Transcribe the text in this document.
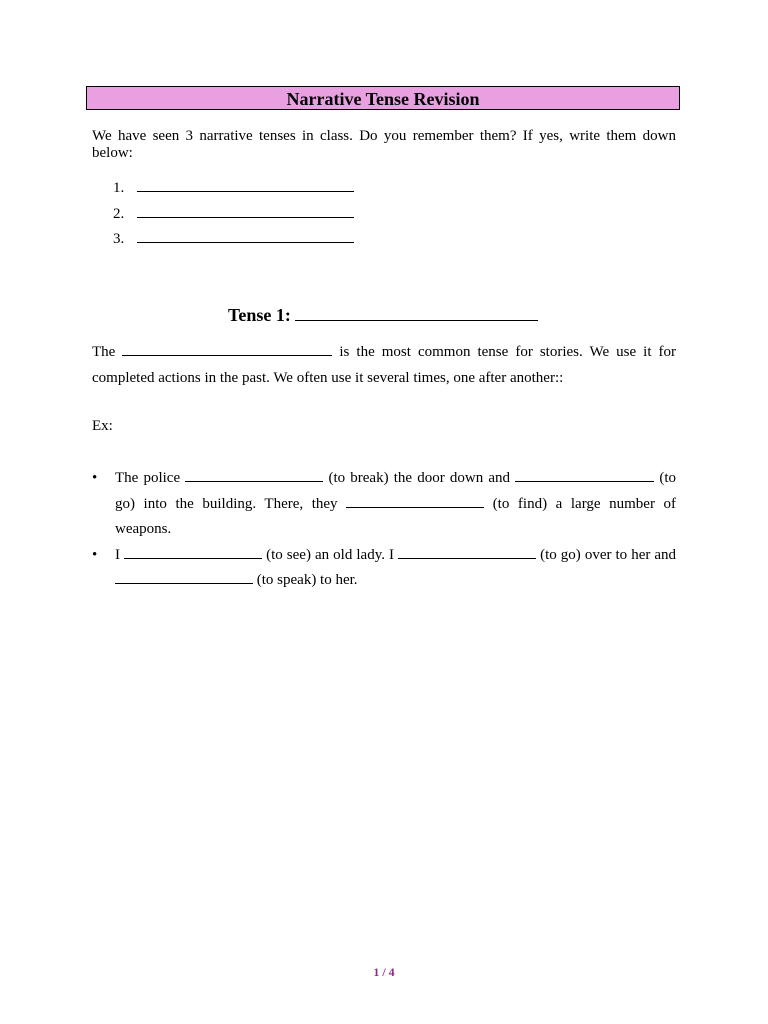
Narrative Tense Revision
We have seen 3 narrative tenses in class. Do you remember them? If yes, write them down below:
1.
2.
3.
Tense 1:
The	is the most common tense for stories. We use it for completed actions in the past. We often use it several times, one after another::
Ex:
•	The police	(to break) the door down and	(to go) into the building. There, they	(to find) a large number of weapons.
•	I	(to see) an old lady. I	(to go) over to her and  (to speak) to her.
1 / 4
